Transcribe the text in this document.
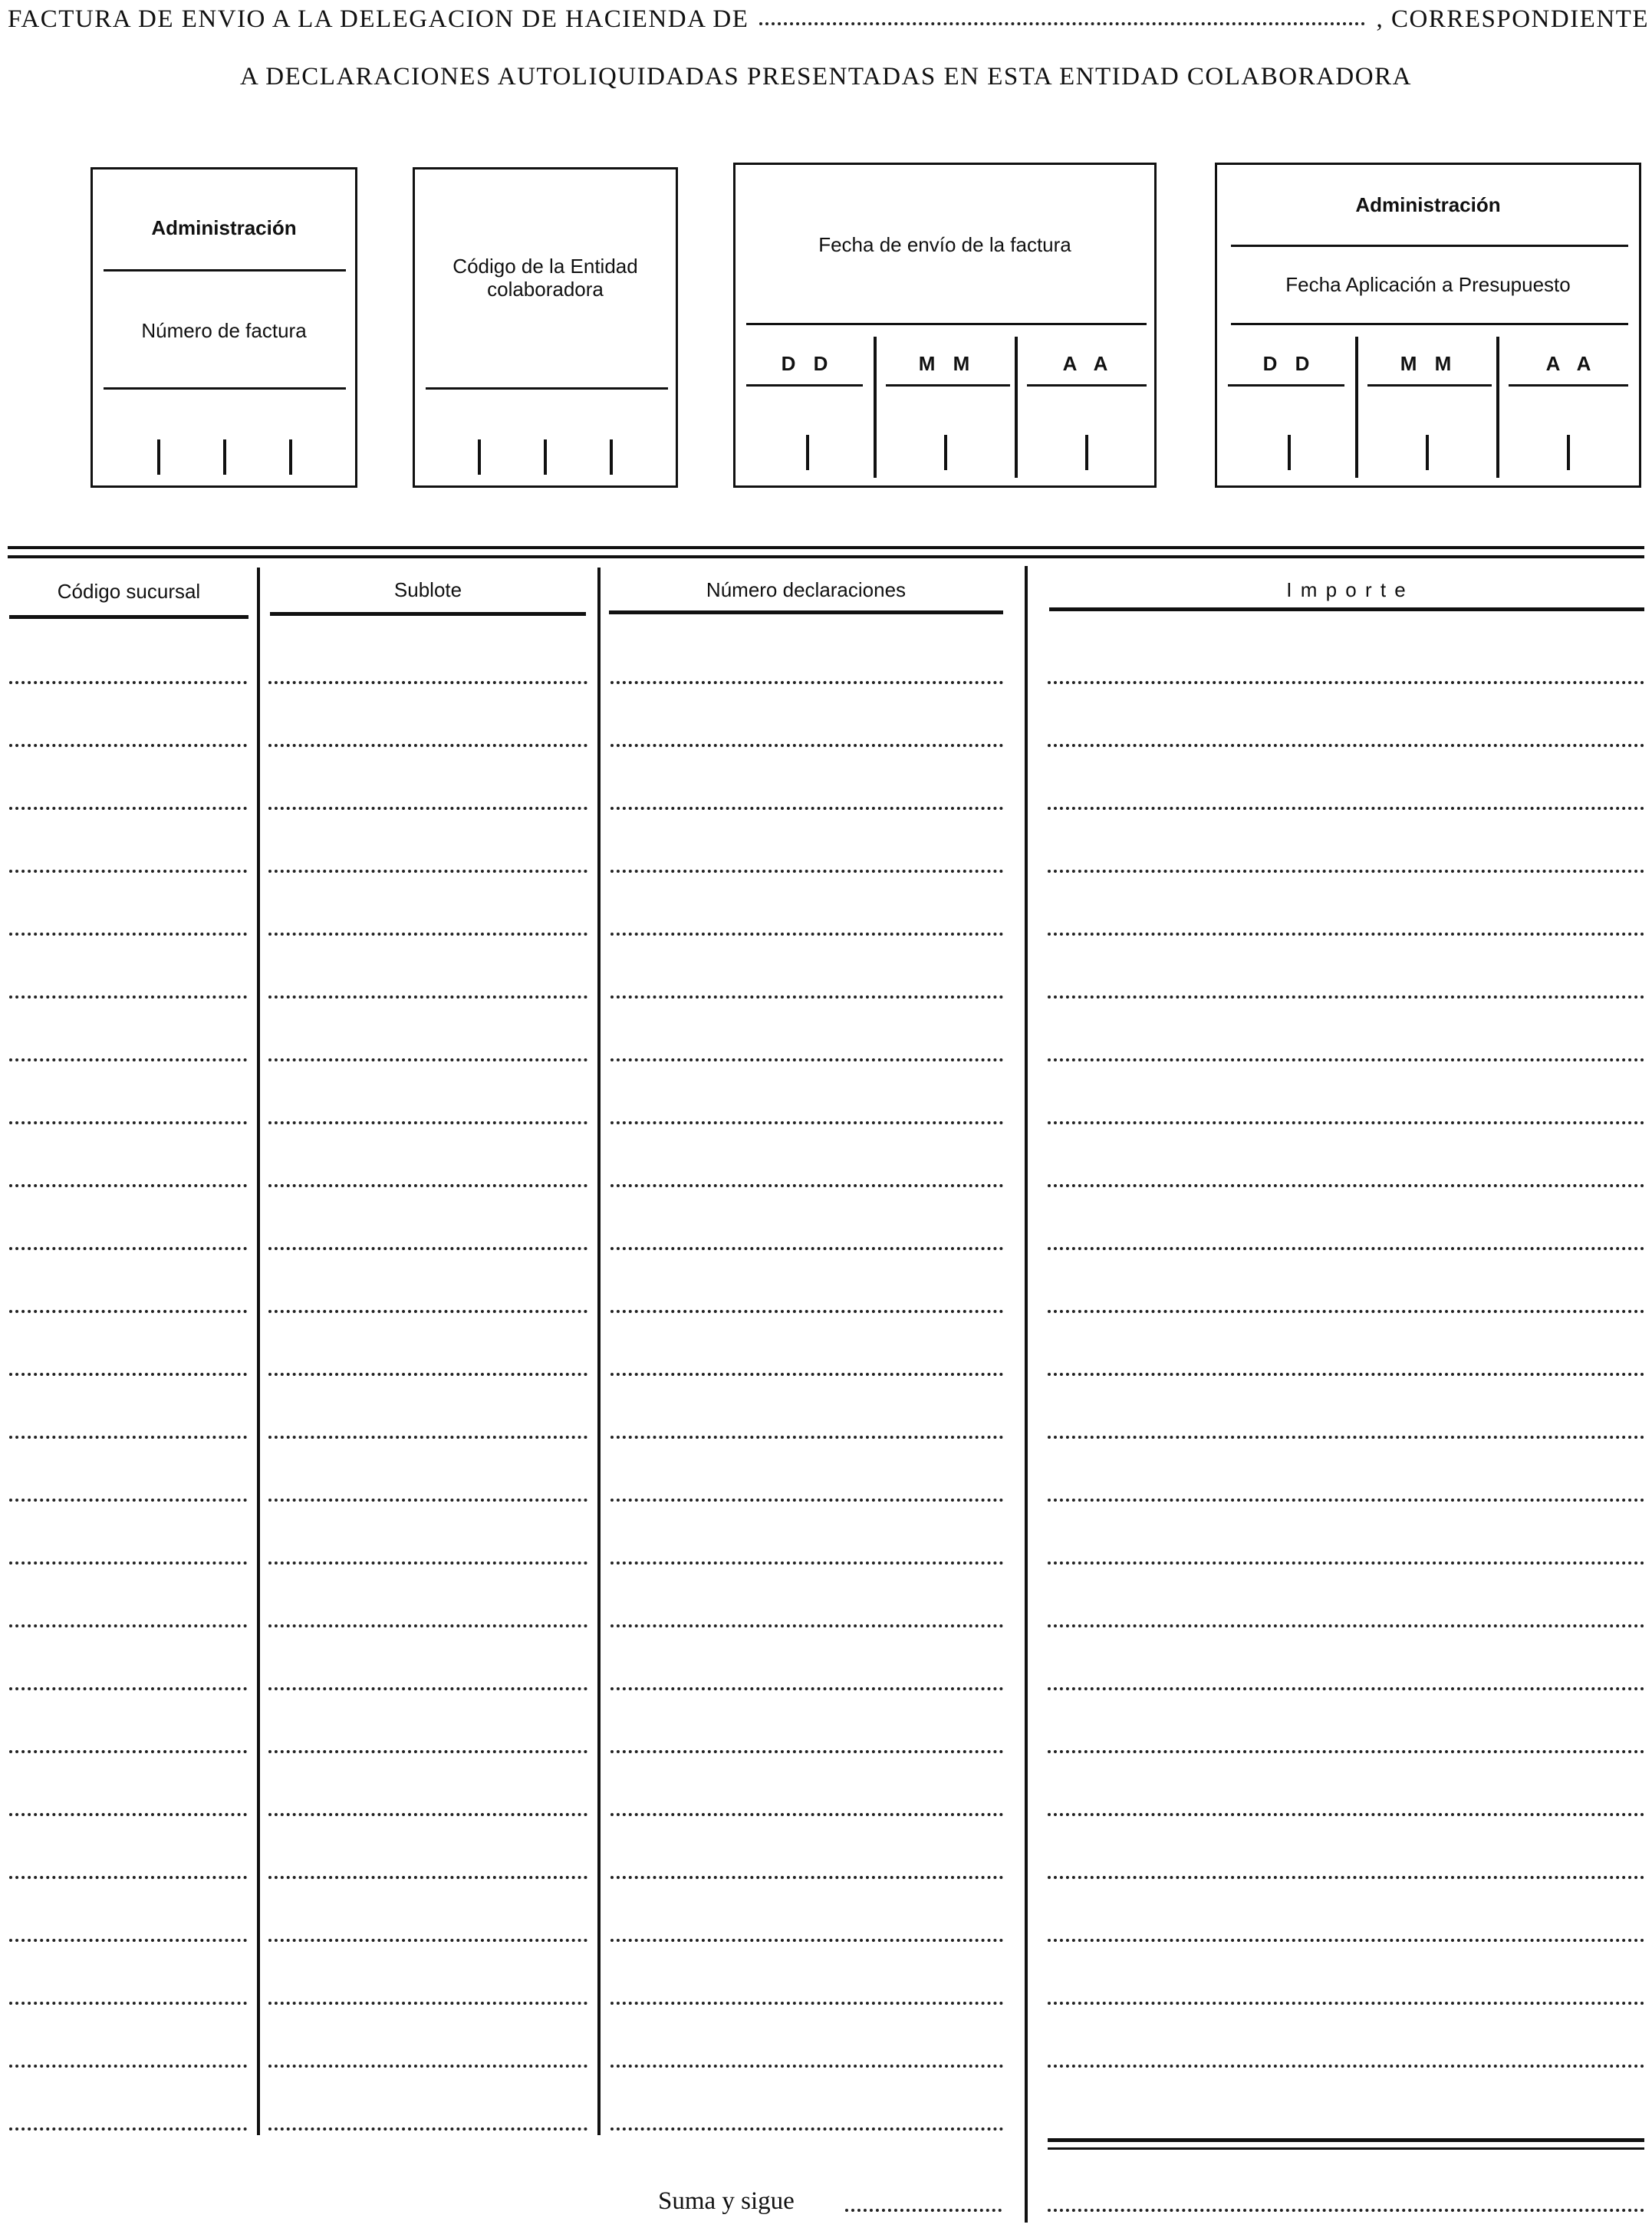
FACTURA DE ENVIO A LA DELEGACION DE HACIENDA DE	, CORRESPONDIENTE
A DECLARACIONES AUTOLIQUIDADAS PRESENTADAS EN ESTA ENTIDAD COLABORADORA
Administración
Número de factura
Código de la Entidad
colaboradora
Fecha de envío de la factura
D D	M M	A A
Administración
Fecha Aplicación a Presupuesto
D D	M M	A A
Código sucursal	Sublote	Número declaraciones	I m p o r t e
Suma y sigue
